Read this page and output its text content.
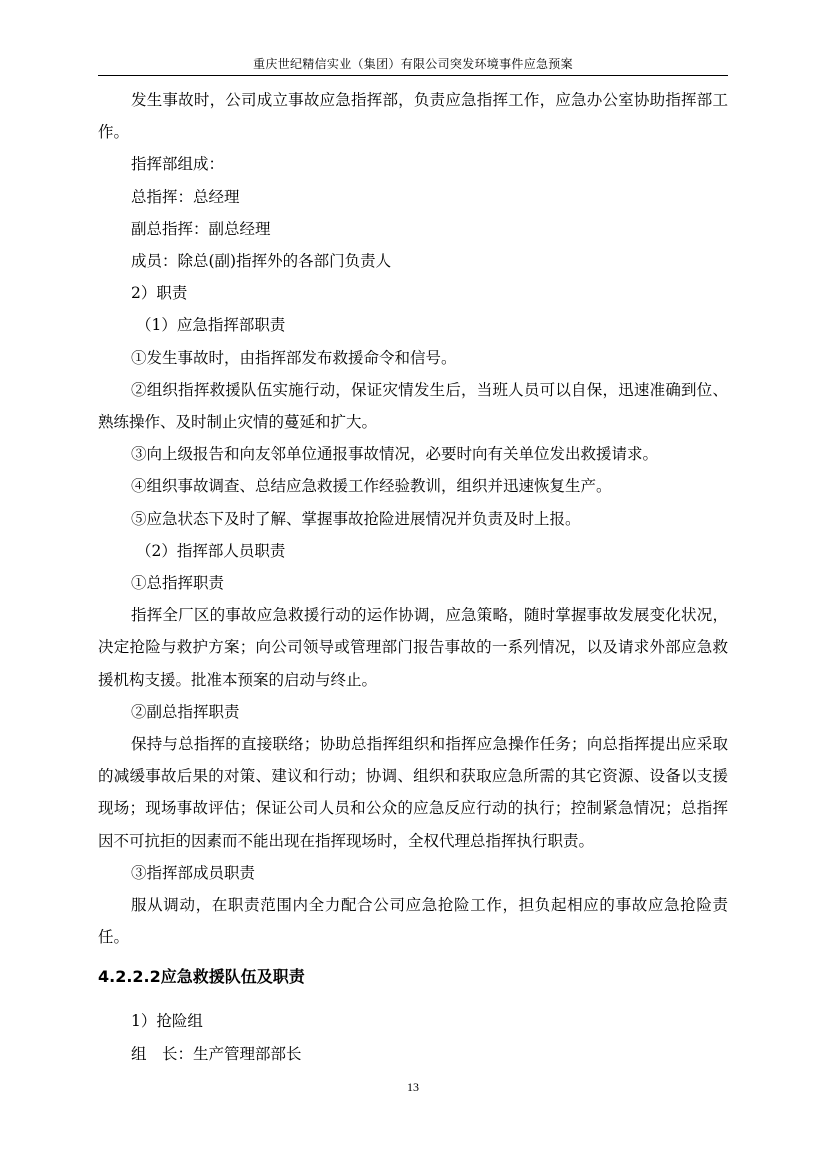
重庆世纪精信实业（集团）有限公司突发环境事件应急预案

发生事故时，公司成立事故应急指挥部，负责应急指挥工作，应急办公室协助指挥部工作。

指挥部组成：

总指挥：总经理

副总指挥：副总经理

成员：除总(副)指挥外的各部门负责人

2）职责

（1）应急指挥部职责

①发生事故时，由指挥部发布救援命令和信号。

②组织指挥救援队伍实施行动，保证灾情发生后，当班人员可以自保，迅速准确到位、熟练操作、及时制止灾情的蔓延和扩大。

③向上级报告和向友邻单位通报事故情况，必要时向有关单位发出救援请求。

④组织事故调查、总结应急救援工作经验教训，组织并迅速恢复生产。

⑤应急状态下及时了解、掌握事故抢险进展情况并负责及时上报。

（2）指挥部人员职责

①总指挥职责

指挥全厂区的事故应急救援行动的运作协调，应急策略，随时掌握事故发展变化状况，决定抢险与救护方案；向公司领导或管理部门报告事故的一系列情况，以及请求外部应急救援机构支援。批准本预案的启动与终止。

②副总指挥职责

保持与总指挥的直接联络；协助总指挥组织和指挥应急操作任务；向总指挥提出应采取的减缓事故后果的对策、建议和行动；协调、组织和获取应急所需的其它资源、设备以支援现场；现场事故评估；保证公司人员和公众的应急反应行动的执行；控制紧急情况；总指挥因不可抗拒的因素而不能出现在指挥现场时，全权代理总指挥执行职责。

③指挥部成员职责

服从调动，在职责范围内全力配合公司应急抢险工作，担负起相应的事故应急抢险责任。

4.2.2.2应急救援队伍及职责

1）抢险组

组　长：生产管理部部长

13
